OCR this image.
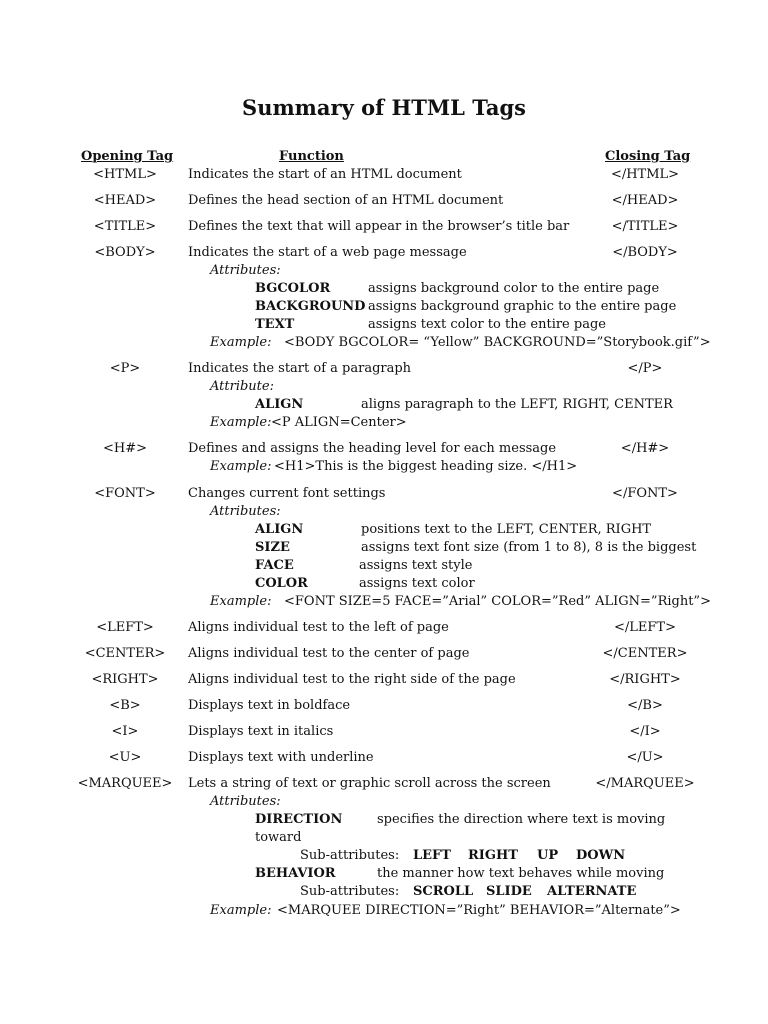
Summary of HTML Tags
Opening Tag	Function	Closing Tag
<HTML>	Indicates the start of an HTML document	</HTML>
<HEAD>	Defines the head section of an HTML document	</HEAD>
<TITLE>	Defines the text that will appear in the browser’s title bar	</TITLE>
<BODY>	Indicates the start of a web page message	</BODY>
Attributes:
BGCOLOR	assigns background color to the entire page
BACKGROUND assigns background graphic to the entire page
TEXT	assigns text color to the entire page
Example: <BODY BGCOLOR= “Yellow” BACKGROUND=”Storybook.gif”>
<P>	Indicates the start of a paragraph	</P>
Attribute:
ALIGN	aligns paragraph to the LEFT, RIGHT, CENTER
Example: <P ALIGN=Center>
<H#>	Defines and assigns the heading level for each message	</H#>
Example: <H1>This is the biggest heading size. </H1>
<FONT>	Changes current font settings	</FONT>
Attributes:
ALIGN	positions text to the LEFT, CENTER, RIGHT
SIZE	assigns text font size (from 1 to 8), 8 is the biggest
FACE	assigns text style
COLOR	assigns text color
Example: <FONT SIZE=5 FACE=”Arial” COLOR=”Red” ALIGN=”Right”>
<LEFT>	Aligns individual test to the left of page	</LEFT>
<CENTER>	Aligns individual test to the center of page	</CENTER>
<RIGHT>	Aligns individual test to the right side of the page	</RIGHT>
<B>	Displays text in boldface	</B>
<I>	Displays text in italics	</I>
<U>	Displays text with underline	</U>
<MARQUEE>	Lets a string of text or graphic scroll across the screen	</MARQUEE>
Attributes:
DIRECTION	specifies the direction where text is moving
toward
Sub-attributes: LEFT RIGHT UP DOWN
BEHAVIOR	the manner how text behaves while moving
Sub-attributes: SCROLL SLIDE ALTERNATE
Example: <MARQUEE DIRECTION=”Right” BEHAVIOR=”Alternate”>
